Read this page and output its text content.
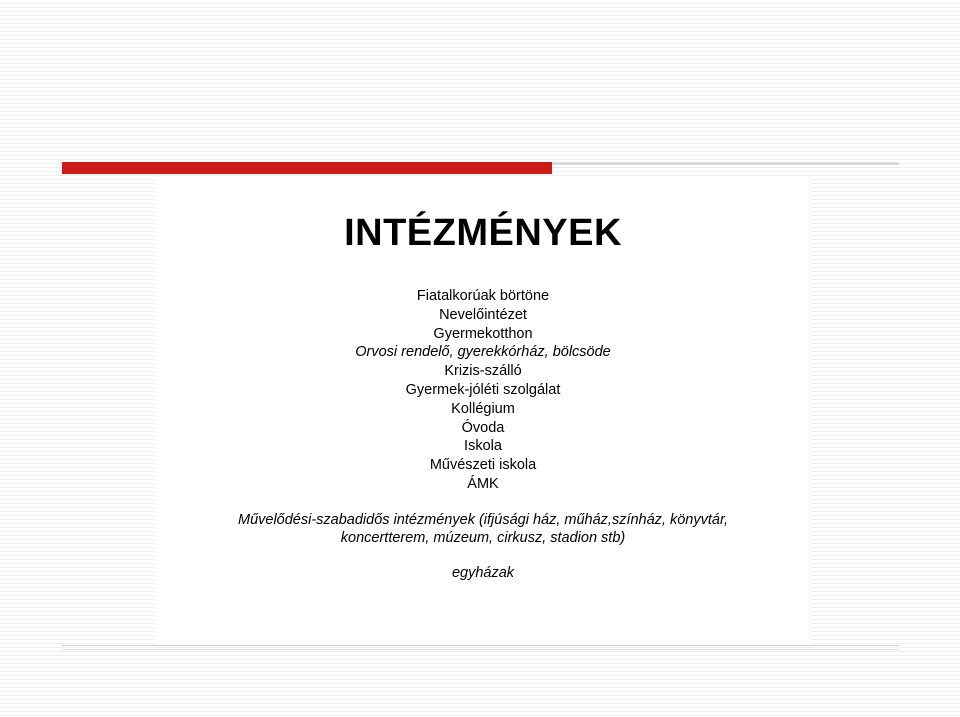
INTÉZMÉNYEK
Fiatalkorúak börtöne
Nevelőintézet
Gyermekotthon
Orvosi rendelő, gyerekkórház, bölcsöde
Krizis-szálló
Gyermek-jóléti szolgálat
Kollégium
Óvoda
Iskola
Művészeti iskola
ÁMK
Művelődési-szabadidős intézmények (ifjúsági ház, műház,színház, könyvtár,
koncertterem, múzeum, cirkusz, stadion stb)
egyházak
